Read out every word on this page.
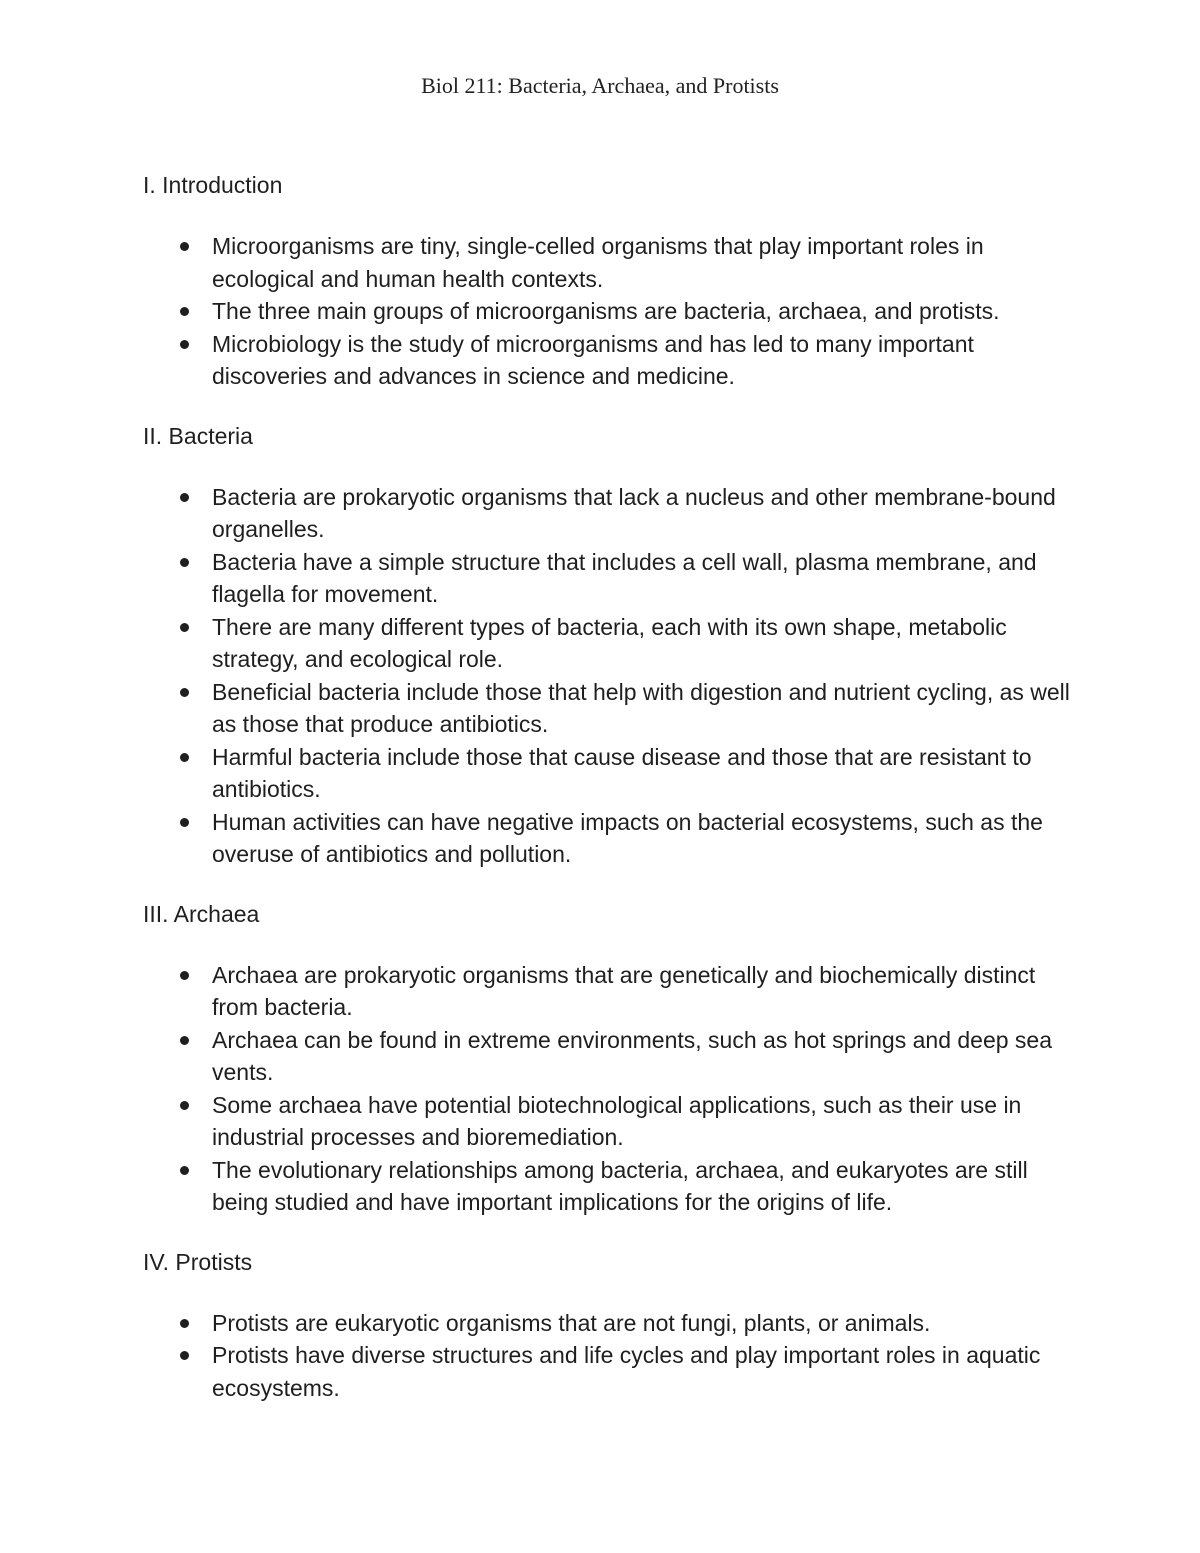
Biol 211: Bacteria, Archaea, and Protists
I. Introduction
Microorganisms are tiny, single-celled organisms that play important roles in ecological and human health contexts.
The three main groups of microorganisms are bacteria, archaea, and protists.
Microbiology is the study of microorganisms and has led to many important discoveries and advances in science and medicine.
II. Bacteria
Bacteria are prokaryotic organisms that lack a nucleus and other membrane-bound organelles.
Bacteria have a simple structure that includes a cell wall, plasma membrane, and flagella for movement.
There are many different types of bacteria, each with its own shape, metabolic strategy, and ecological role.
Beneficial bacteria include those that help with digestion and nutrient cycling, as well as those that produce antibiotics.
Harmful bacteria include those that cause disease and those that are resistant to antibiotics.
Human activities can have negative impacts on bacterial ecosystems, such as the overuse of antibiotics and pollution.
III. Archaea
Archaea are prokaryotic organisms that are genetically and biochemically distinct from bacteria.
Archaea can be found in extreme environments, such as hot springs and deep sea vents.
Some archaea have potential biotechnological applications, such as their use in industrial processes and bioremediation.
The evolutionary relationships among bacteria, archaea, and eukaryotes are still being studied and have important implications for the origins of life.
IV. Protists
Protists are eukaryotic organisms that are not fungi, plants, or animals.
Protists have diverse structures and life cycles and play important roles in aquatic ecosystems.
